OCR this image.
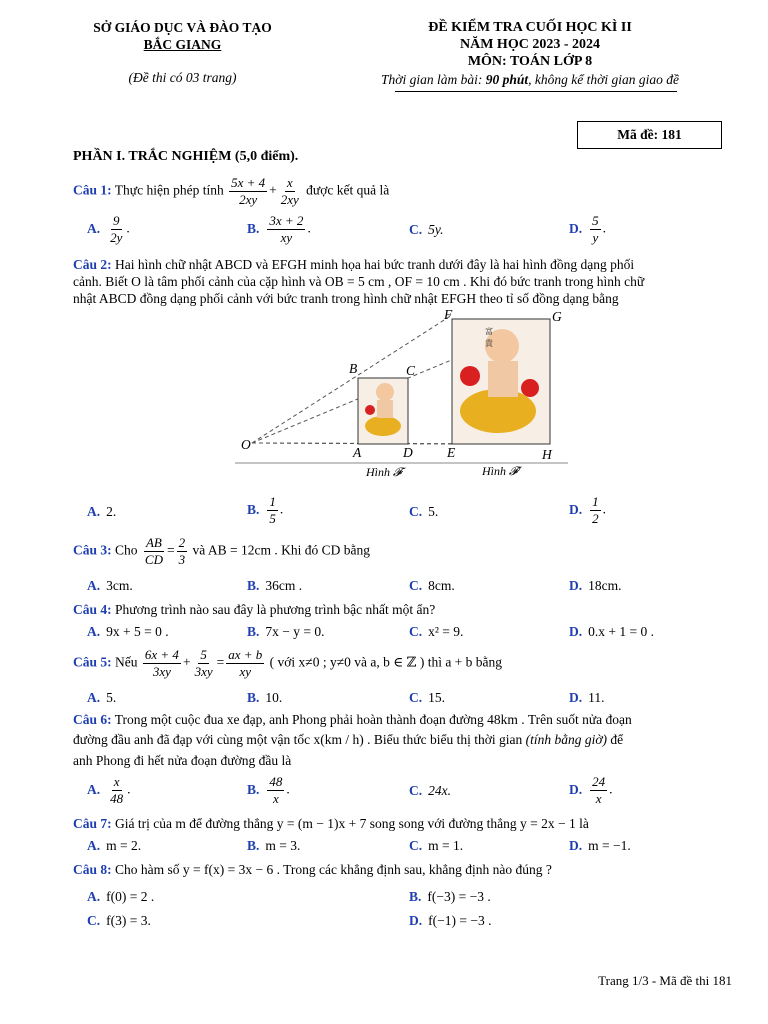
SỞ GIÁO DỤC VÀ ĐÀO TẠO
BẮC GIANG
(Đề thi có 03 trang)
ĐỀ KIỂM TRA CUỐI HỌC KÌ II
NĂM HỌC 2023 - 2024
MÔN: TOÁN LỚP 8
Thời gian làm bài: 90 phút, không kể thời gian giao đề
Mã đề: 181
PHẦN I. TRẮC NGHIỆM (5,0 điểm).
Câu 1: Thực hiện phép tính $\frac{5x + 4}{2xy} + \frac{x}{2xy}$ được kết quả là
A. $\frac{9}{2y}$ .	B. $\frac{3x + 2}{xy}$ .	C. 5y.	D. $\frac{5}{y}$ .
Câu 2: Hai hình chữ nhật ABCD và EFGH minh họa hai bức tranh dưới đây là hai hình đồng dạng phối
cảnh. Biết O là tâm phối cảnh của cặp hình và OB = 5 cm , OF = 10 cm . Khi đó bức tranh trong hình chữ
nhật ABCD đồng dạng phối cảnh với bức tranh trong hình chữ nhật EFGH theo tỉ số đồng dạng bằng
富
貴
O
A
B	C
D	E
F	G
H
Hình 𝓕	Hình 𝓕'
A. 2.	B. $\frac{1}{5}$ .	C. 5.	D. $\frac{1}{2}$ .
Câu 3: Cho $\frac{AB}{CD} = \frac{2}{3}$ và AB = 12cm . Khi đó CD bằng
A. 3cm.	B. 36cm .	C. 8cm.	D. 18cm.
Câu 4: Phương trình nào sau đây là phương trình bậc nhất một ẩn?
A. 9x + 5 = 0 .	B. 7x − y = 0.	C. x² = 9.	D. 0.x + 1 = 0 .
Câu 5: Nếu $\frac{6x + 4}{3xy} + \frac{5}{3xy} = \frac{ax + b}{xy}$ ( với x≠0 ; y≠0 và a, b ∈ ℤ ) thì a + b bằng
A. 5.	B. 10.	C. 15.	D. 11.
Câu 6: Trong một cuộc đua xe đạp, anh Phong phải hoàn thành đoạn đường 48km . Trên suốt nửa đoạn
đường đầu anh đã đạp với cùng một vận tốc x(km / h) . Biểu thức biểu thị thời gian (tính bằng giờ) để
anh Phong đi hết nửa đoạn đường đầu là
A. $\frac{x}{48}$ .	B. $\frac{48}{x}$ .	C. 24x.	D. $\frac{24}{x}$ .
Câu 7: Giá trị của m để đường thẳng y = (m − 1)x + 7 song song với đường thẳng y = 2x − 1 là
A. m = 2.	B. m = 3.	C. m = 1.	D. m = −1.
Câu 8: Cho hàm số y = f(x) = 3x − 6 . Trong các khẳng định sau, khẳng định nào đúng ?
A. f(0) = 2 .	B. f(−3) = −3 .
C. f(3) = 3.	D. f(−1) = −3 .
Trang 1/3 - Mã đề thi 181
